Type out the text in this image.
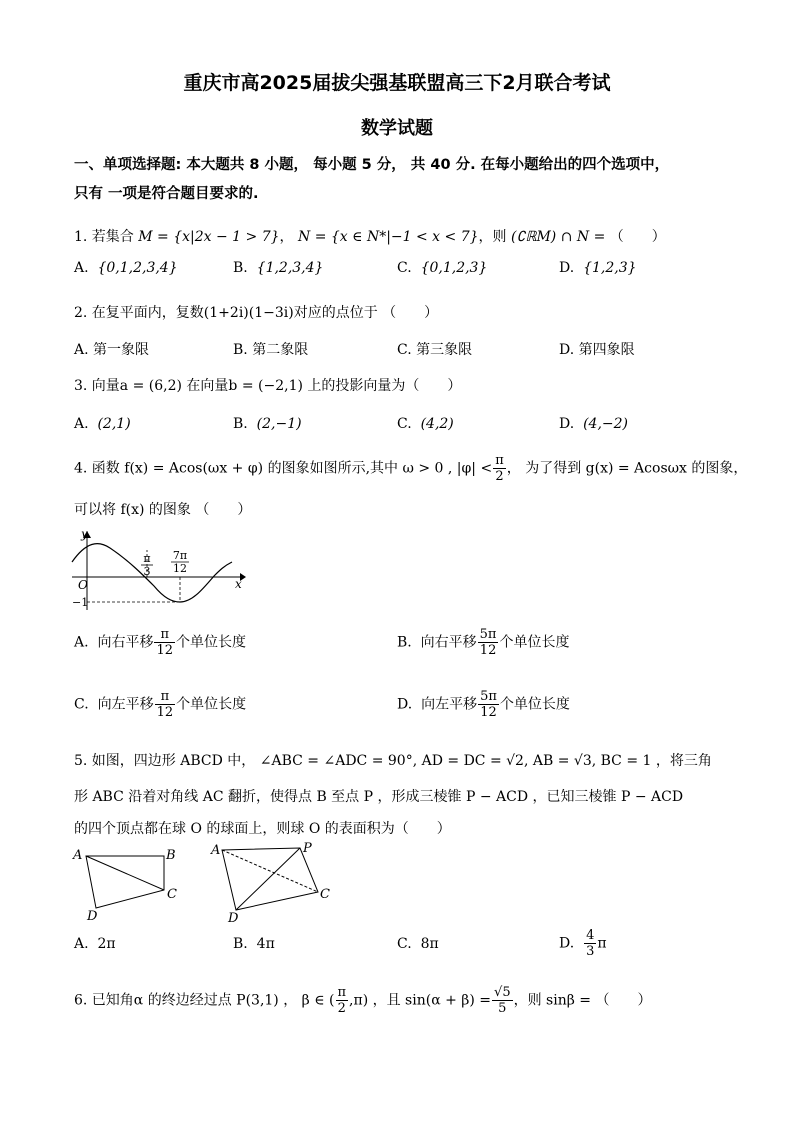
重庆市高2025届拔尖强基联盟高三下2月联合考试
数学试题
一、单项选择题: 本大题共 8 小题， 每小题 5 分， 共 40 分. 在每小题给出的四个选项中，
只有 一项是符合题目要求的.
1. 若集合 M = {x|2x − 1 > 7}， N = {x ∈ N*|−1 < x < 7}，则 (∁ℝM) ∩ N = （　　）
A. {0,1,2,3,4}	B. {1,2,3,4}	C. {0,1,2,3}	D. {1,2,3}
2. 在复平面内，复数(1+2i)(1−3i)对应的点位于 （　　）
A. 第一象限	B. 第二象限	C. 第三象限	D. 第四象限
3. 向量a = (6,2) 在向量b = (−2,1) 上的投影向量为（　　）
A. (2,1)	B. (2,−1)	C. (4,2)	D. (4,−2)
4. 函数 f(x) = Acos(ωx + φ) 的图象如图所示,其中 ω > 0 , $|\varphi| < \frac{\pi}{2}$ ， 为了得到 g(x) = Acosωx 的图象，
可以将 f(x) 的图象 （　　）
y
x
O
−1
π
3
7π
12
A. 向右平移 $\frac{\pi}{12}$ 个单位长度	B. 向右平移 $\frac{5\pi}{12}$ 个单位长度
C. 向左平移 $\frac{\pi}{12}$ 个单位长度	D. 向左平移 $\frac{5\pi}{12}$ 个单位长度
5. 如图，四边形 ABCD 中， ∠ABC = ∠ADC = 90°, AD = DC = √2, AB = √3, BC = 1 ，将三角
形 ABC 沿着对角线 AC 翻折，使得点 B 至点 P ，形成三棱锥 P − ACD ，已知三棱锥 P − ACD
的四个顶点都在球 O 的球面上，则球 O 的表面积为（　　）
A	B
C
D
A	P
C
D
A. 2π	B. 4π	C. 8π	D. $\frac{4}{3}$ π
6. 已知角α 的终边经过点 P(3,1) ， β ∈ ( $\frac{\pi}{2} ,\pi$) ，且 $\sin(\alpha + \beta) = \frac{√5}{5}$ ，则 sinβ = （　　）
